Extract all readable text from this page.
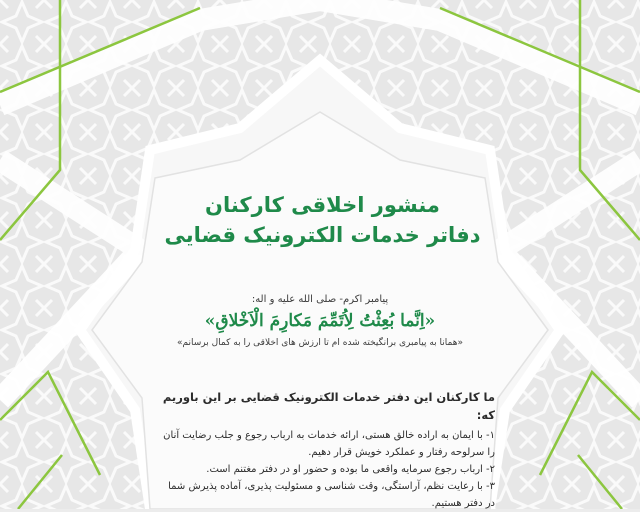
منشور اخلاقی کارکنان
دفاتر خدمات الکترونیک قضایی
پیامبر اکرم- صلی الله علیه و اله:
«اِنَّما بُعِثْتُ لِاُتَمِّمَ مَکارِمَ الْاَخْلاقِ»
«همانا به پیامبری برانگیخته شده ام تا ارزش های اخلاقی را به کمال برسانم»
ما کارکنان این دفتر خدمات الکترونیک قضایی بر این باوریم که:
۱- با ایمان به اراده خالق هستی، ارائه خدمات به ارباب رجوع و جلب رضایت آنان را سرلوحه رفتار و عملکرد خویش قرار دهیم.
۲- ارباب رجوع سرمایه واقعی ما بوده و حضور او در دفتر مغتنم است.
۳- با رعایت نظم، آراستگی، وقت شناسی و مسئولیت پذیری، آماده پذیرش شما در دفتر هستیم.
